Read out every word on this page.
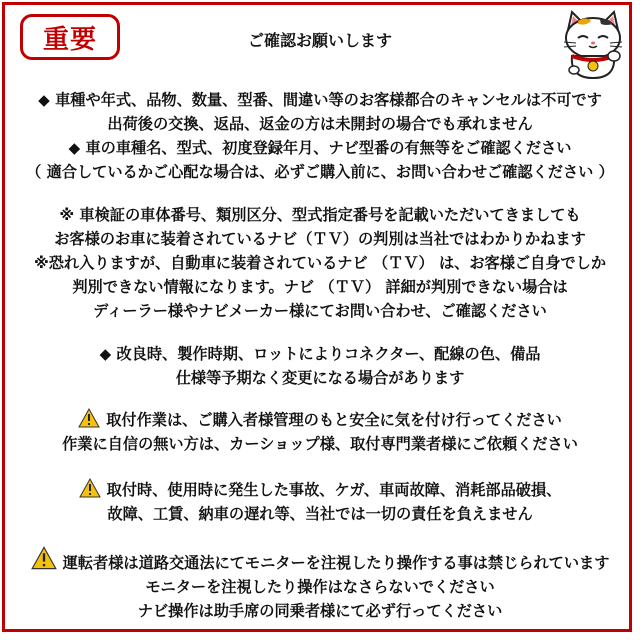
重要	ご確認お願いします
◆ 車種や年式、品物、数量、型番、間違い等のお客様都合のキャンセルは不可です
出荷後の交換、返品、返金の方は未開封の場合でも承れません
◆ 車の車種名、型式、初度登録年月、ナビ型番の有無等をご確認ください
（ 適合しているかご心配な場合は、必ずご購入前に、お問い合わせご確認ください ）
※ 車検証の車体番号、類別区分、型式指定番号を記載いただいてきましても
お客様のお車に装着されているナビ（ＴＶ）の判別は当社ではわかりかねます
※恐れ入りますが、自動車に装着されているナビ （ＴＶ） は、お客様ご自身でしか
判別できない情報になります。ナビ （ＴＶ） 詳細が判別できない場合は
ディーラー様やナビメーカー様にてお問い合わせ、ご確認ください
◆ 改良時、製作時期、ロットによりコネクター、配線の色、備品
仕様等予期なく変更になる場合があります
取付作業は、ご購入者様管理のもと安全に気を付け行ってください
作業に自信の無い方は、カーショップ様、取付専門業者様にご依頼ください
取付時、使用時に発生した事故、ケガ、車両故障、消耗部品破損、
故障、工賃、納車の遅れ等、当社では一切の責任を負えません
運転者様は道路交通法にてモニターを注視したり操作する事は禁じられています
モニターを注視したり操作はなさらないでください
ナビ操作は助手席の同乗者様にて必ず行ってください
